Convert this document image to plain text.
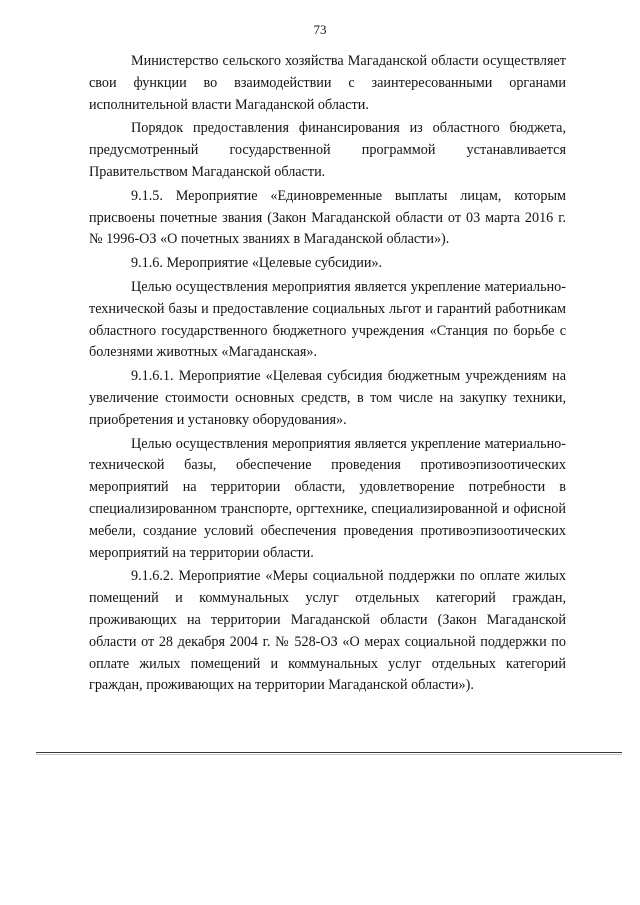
73

Министерство сельского хозяйства Магаданской области осуществляет свои функции во взаимодействии с заинтересованными органами исполнительной власти Магаданской области.

Порядок предоставления финансирования из областного бюджета, предусмотренный государственной программой устанавливается Правительством Магаданской области.

9.1.5. Мероприятие «Единовременные выплаты лицам, которым присвоены почетные звания (Закон Магаданской области от 03 марта 2016 г. № 1996-ОЗ «О почетных званиях в Магаданской области»).

9.1.6. Мероприятие «Целевые субсидии».

Целью осуществления мероприятия является укрепление материально-технической базы и предоставление социальных льгот и гарантий работникам областного государственного бюджетного учреждения «Станция по борьбе с болезнями животных «Магаданская».

9.1.6.1. Мероприятие «Целевая субсидия бюджетным учреждениям на увеличение стоимости основных средств, в том числе на закупку техники, приобретения и установку оборудования».

Целью осуществления мероприятия является укрепление материально-технической базы, обеспечение проведения противоэпизоотических мероприятий на территории области, удовлетворение потребности в специализированном транспорте, оргтехнике, специализированной и офисной мебели, создание условий обеспечения проведения противоэпизоотических мероприятий на территории области.

9.1.6.2. Мероприятие «Меры социальной поддержки по оплате жилых помещений и коммунальных услуг отдельных категорий граждан, проживающих на территории Магаданской области (Закон Магаданской области от 28 декабря 2004 г. № 528-ОЗ «О мерах социальной поддержки по оплате жилых помещений и коммунальных услуг отдельных категорий граждан, проживающих на территории Магаданской области»).
